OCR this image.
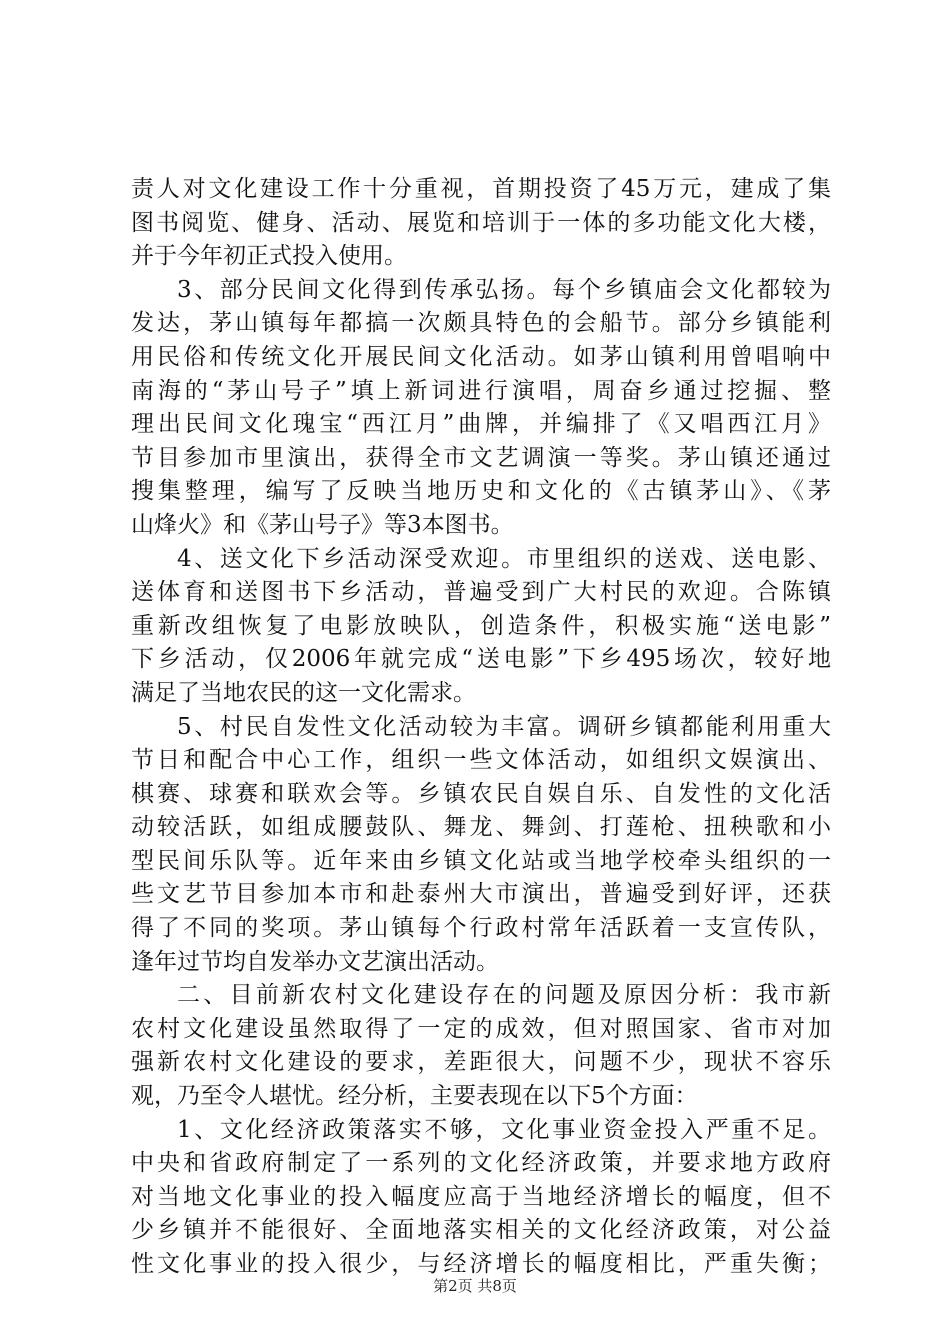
责人对文化建设工作十分重视，首期投资了45万元，建成了集
图书阅览、健身、活动、展览和培训于一体的多功能文化大楼，
并于今年初正式投入使用。
3、部分民间文化得到传承弘扬。每个乡镇庙会文化都较为
发达，茅山镇每年都搞一次颇具特色的会船节。部分乡镇能利
用民俗和传统文化开展民间文化活动。如茅山镇利用曾唱响中
南海的“茅山号子”填上新词进行演唱，周奋乡通过挖掘、整
理出民间文化瑰宝“西江月”曲牌，并编排了《又唱西江月》
节目参加市里演出，获得全市文艺调演一等奖。茅山镇还通过
搜集整理，编写了反映当地历史和文化的《古镇茅山》、《茅
山烽火》和《茅山号子》等3本图书。
4、送文化下乡活动深受欢迎。市里组织的送戏、送电影、
送体育和送图书下乡活动，普遍受到广大村民的欢迎。合陈镇
重新改组恢复了电影放映队，创造条件，积极实施“送电影”
下乡活动，仅2006年就完成“送电影”下乡495场次，较好地
满足了当地农民的这一文化需求。
5、村民自发性文化活动较为丰富。调研乡镇都能利用重大
节日和配合中心工作，组织一些文体活动，如组织文娱演出、
棋赛、球赛和联欢会等。乡镇农民自娱自乐、自发性的文化活
动较活跃，如组成腰鼓队、舞龙、舞剑、打莲枪、扭秧歌和小
型民间乐队等。近年来由乡镇文化站或当地学校牵头组织的一
些文艺节目参加本市和赴泰州大市演出，普遍受到好评，还获
得了不同的奖项。茅山镇每个行政村常年活跃着一支宣传队，
逢年过节均自发举办文艺演出活动。
二、目前新农村文化建设存在的问题及原因分析：我市新
农村文化建设虽然取得了一定的成效，但对照国家、省市对加
强新农村文化建设的要求，差距很大，问题不少，现状不容乐
观，乃至令人堪忧。经分析，主要表现在以下5个方面：
1、文化经济政策落实不够，文化事业资金投入严重不足。
中央和省政府制定了一系列的文化经济政策，并要求地方政府
对当地文化事业的投入幅度应高于当地经济增长的幅度，但不
少乡镇并不能很好、全面地落实相关的文化经济政策，对公益
性文化事业的投入很少，与经济增长的幅度相比，严重失衡；
第2页 共8页
